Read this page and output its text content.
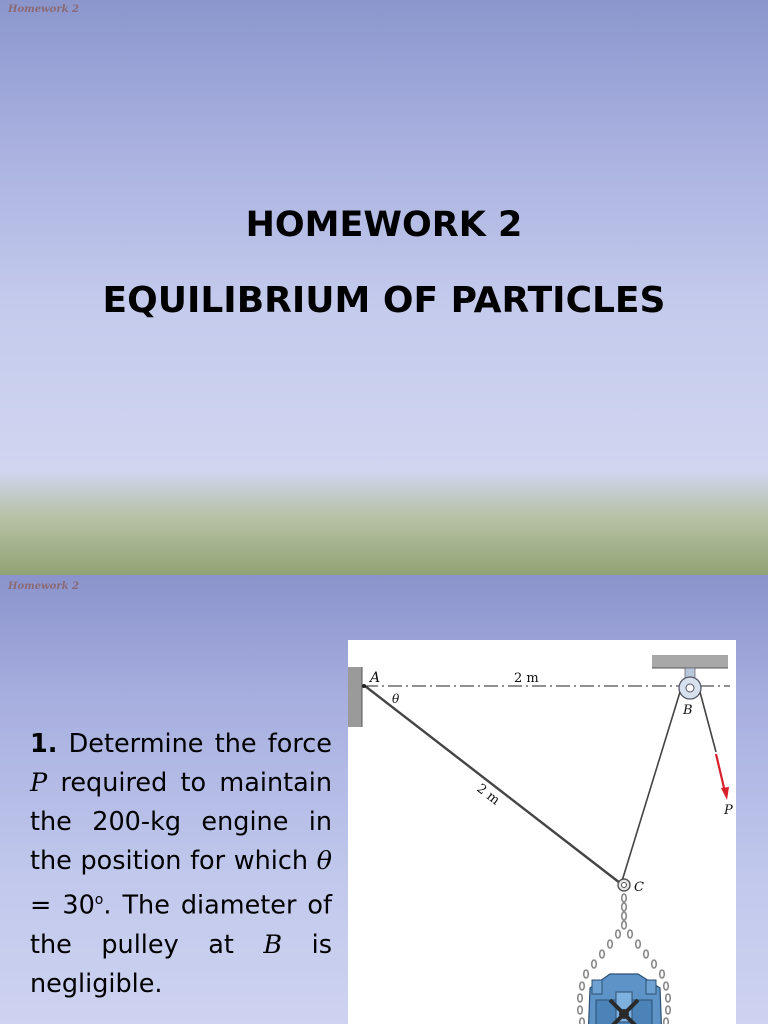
Homework 2
HOMEWORK 2
EQUILIBRIUM OF PARTICLES
Homework 2
1. Determine the force P required to maintain the 200-kg engine in the position for which $\theta = 30^o$. The diameter of the pulley at B is negligible.
A
θ
2 m
B
P
C
2 m
